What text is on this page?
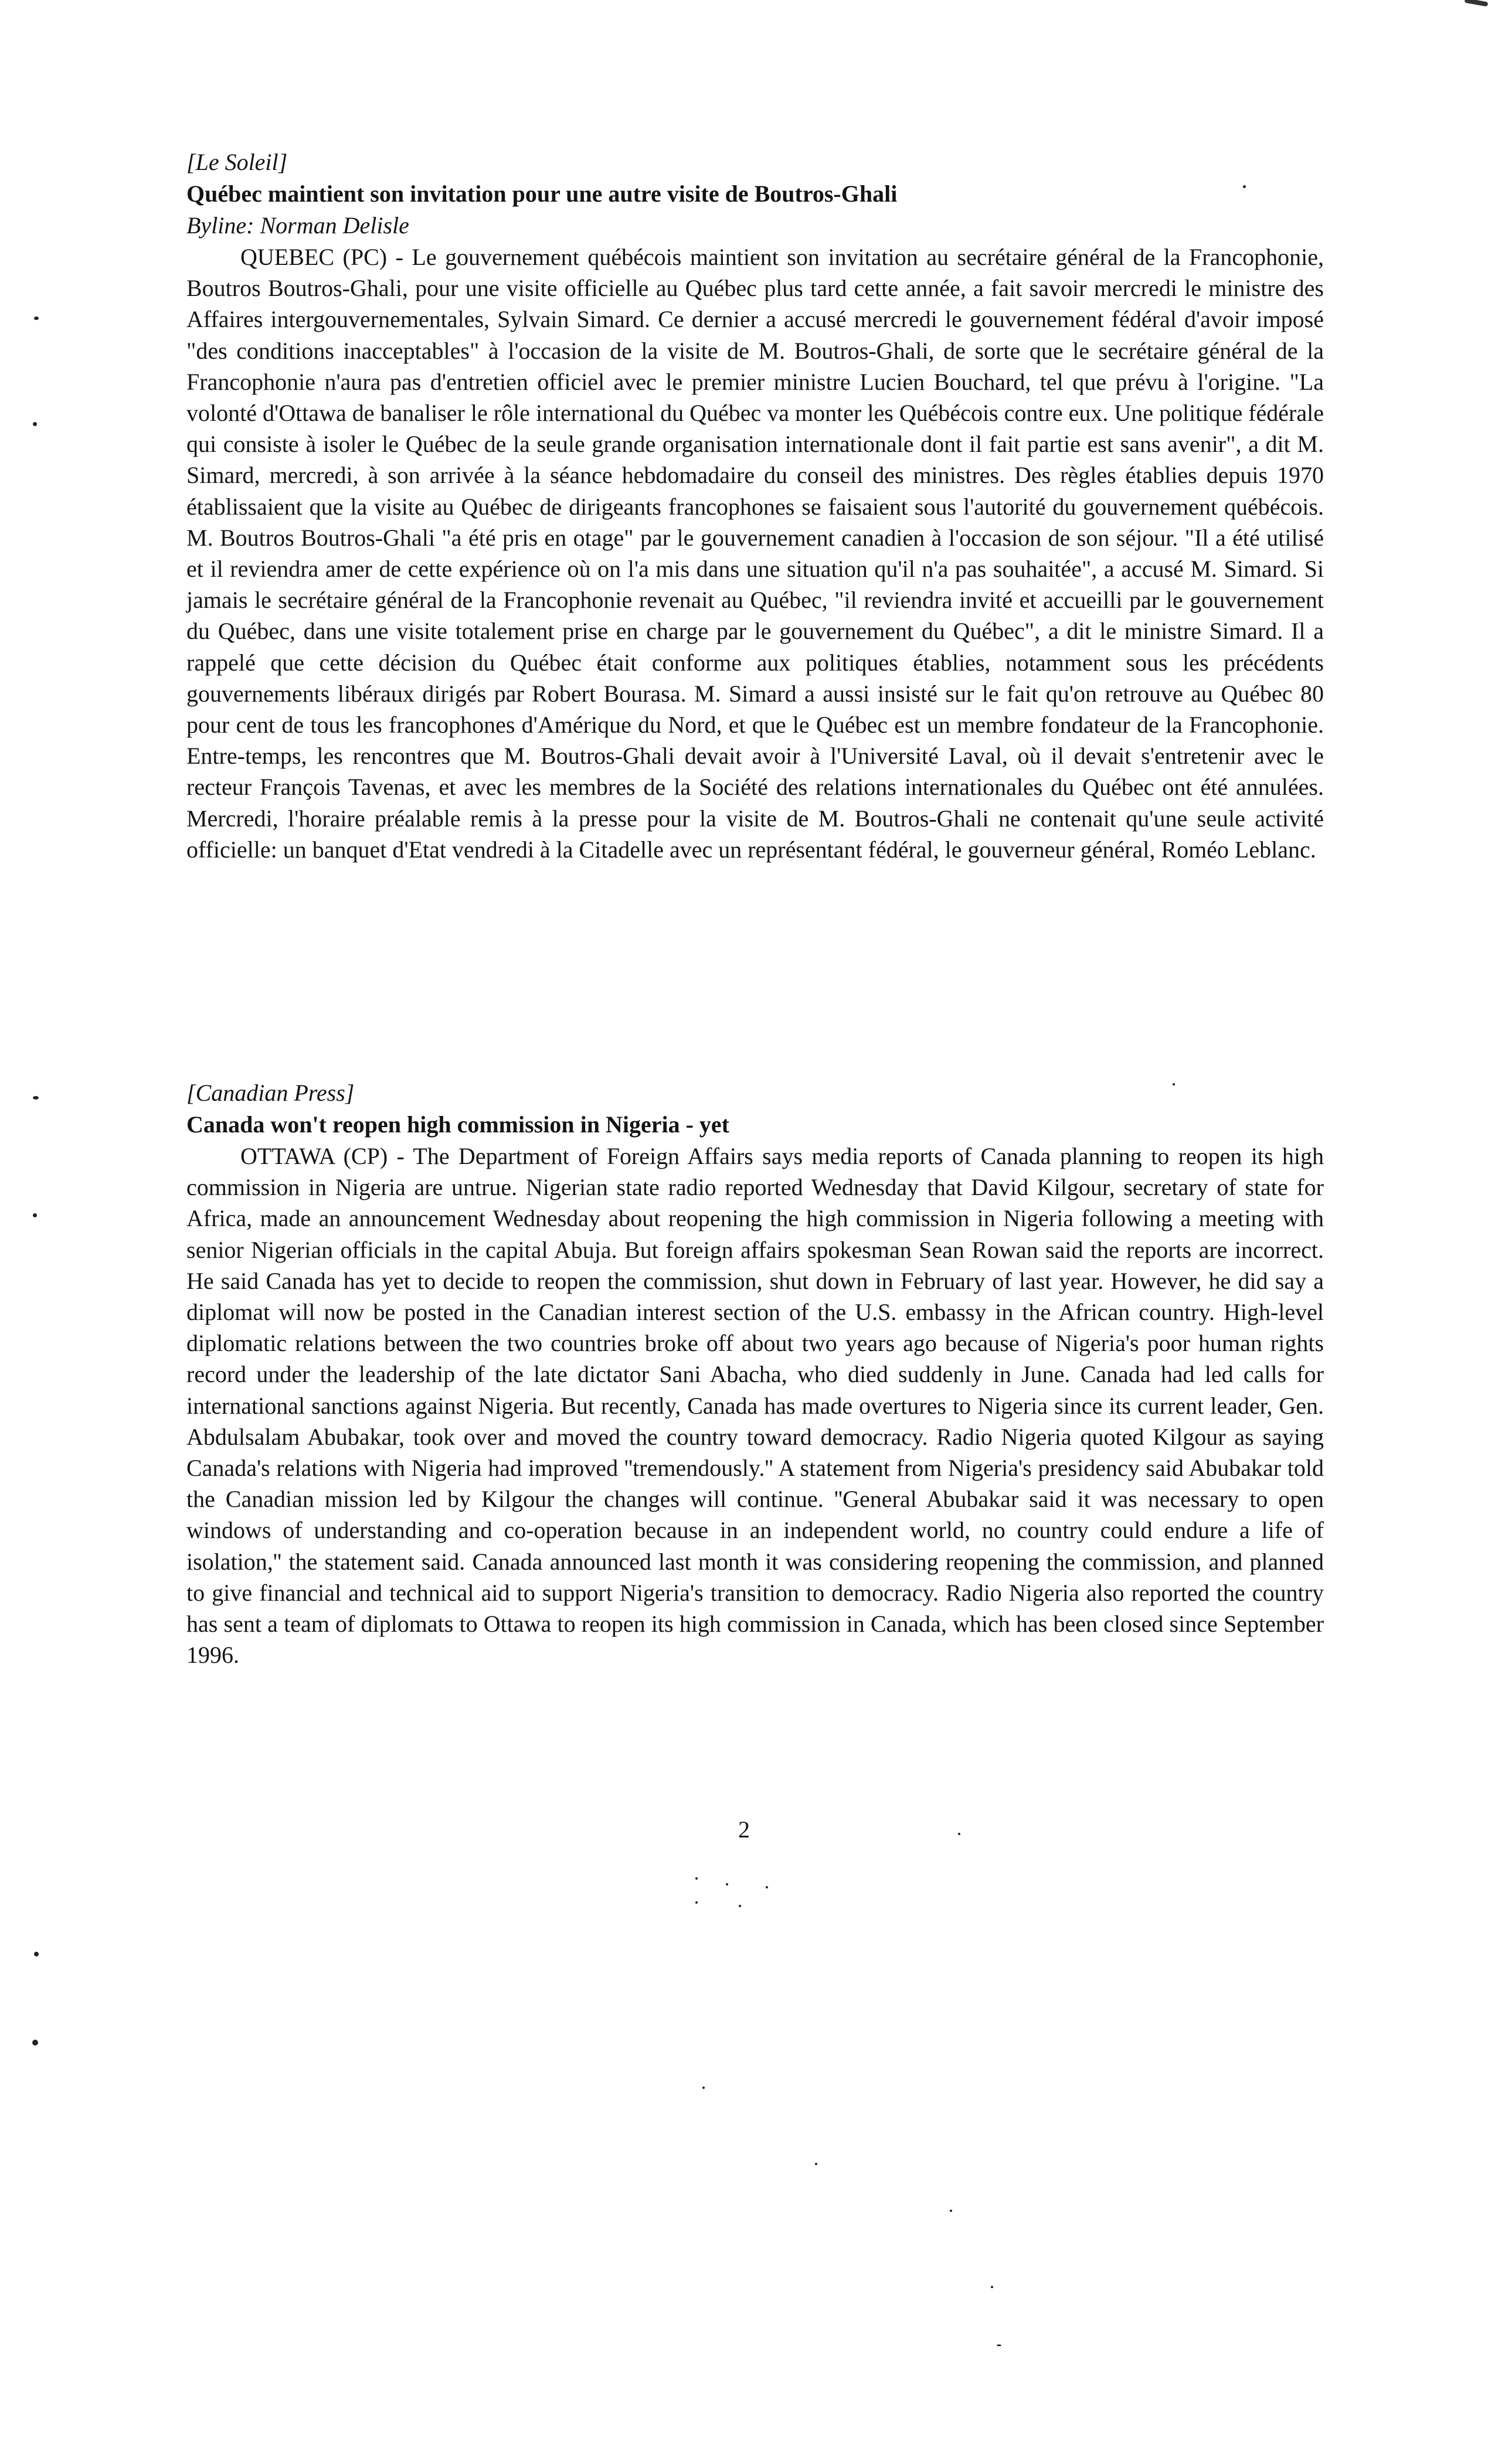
[Le Soleil]

Québec maintient son invitation pour une autre visite de Boutros-Ghali

Byline: Norman Delisle

QUEBEC (PC) - Le gouvernement québécois maintient son invitation au secrétaire général de la Francophonie, Boutros Boutros-Ghali, pour une visite officielle au Québec plus tard cette année, a fait savoir mercredi le ministre des Affaires intergouvernementales, Sylvain Simard. Ce dernier a accusé mercredi le gouvernement fédéral d'avoir imposé "des conditions inacceptables" à l'occasion de la visite de M. Boutros-Ghali, de sorte que le secrétaire général de la Francophonie n'aura pas d'entretien officiel avec le premier ministre Lucien Bouchard, tel que prévu à l'origine. "La volonté d'Ottawa de banaliser le rôle international du Québec va monter les Québécois contre eux. Une politique fédérale qui consiste à isoler le Québec de la seule grande organisation internationale dont il fait partie est sans avenir", a dit M. Simard, mercredi, à son arrivée à la séance hebdomadaire du conseil des ministres. Des règles établies depuis 1970 établissaient que la visite au Québec de dirigeants francophones se faisaient sous l'autorité du gouvernement québécois. M. Boutros Boutros-Ghali "a été pris en otage" par le gouvernement canadien à l'occasion de son séjour. "Il a été utilisé et il reviendra amer de cette expérience où on l'a mis dans une situation qu'il n'a pas souhaitée", a accusé M. Simard. Si jamais le secrétaire général de la Francophonie revenait au Québec, "il reviendra invité et accueilli par le gouvernement du Québec, dans une visite totalement prise en charge par le gouvernement du Québec", a dit le ministre Simard. Il a rappelé que cette décision du Québec était conforme aux politiques établies, notamment sous les précédents gouvernements libéraux dirigés par Robert Bourasa. M. Simard a aussi insisté sur le fait qu'on retrouve au Québec 80 pour cent de tous les francophones d'Amérique du Nord, et que le Québec est un membre fondateur de la Francophonie. Entre-temps, les rencontres que M. Boutros-Ghali devait avoir à l'Université Laval, où il devait s'entretenir avec le recteur François Tavenas, et avec les membres de la Société des relations internationales du Québec ont été annulées. Mercredi, l'horaire préalable remis à la presse pour la visite de M. Boutros-Ghali ne contenait qu'une seule activité officielle: un banquet d'Etat vendredi à la Citadelle avec un représentant fédéral, le gouverneur général, Roméo Leblanc.

[Canadian Press]

Canada won't reopen high commission in Nigeria - yet

OTTAWA (CP) - The Department of Foreign Affairs says media reports of Canada planning to reopen its high commission in Nigeria are untrue. Nigerian state radio reported Wednesday that David Kilgour, secretary of state for Africa, made an announcement Wednesday about reopening the high commission in Nigeria following a meeting with senior Nigerian officials in the capital Abuja. But foreign affairs spokesman Sean Rowan said the reports are incorrect. He said Canada has yet to decide to reopen the commission, shut down in February of last year. However, he did say a diplomat will now be posted in the Canadian interest section of the U.S. embassy in the African country. High-level diplomatic relations between the two countries broke off about two years ago because of Nigeria's poor human rights record under the leadership of the late dictator Sani Abacha, who died suddenly in June. Canada had led calls for international sanctions against Nigeria. But recently, Canada has made overtures to Nigeria since its current leader, Gen. Abdulsalam Abubakar, took over and moved the country toward democracy. Radio Nigeria quoted Kilgour as saying Canada's relations with Nigeria had improved ''tremendously.'' A statement from Nigeria's presidency said Abubakar told the Canadian mission led by Kilgour the changes will continue. ''General Abubakar said it was necessary to open windows of understanding and co-operation because in an independent world, no country could endure a life of isolation,'' the statement said. Canada announced last month it was considering reopening the commission, and planned to give financial and technical aid to support Nigeria's transition to democracy. Radio Nigeria also reported the country has sent a team of diplomats to Ottawa to reopen its high commission in Canada, which has been closed since September 1996.

2
